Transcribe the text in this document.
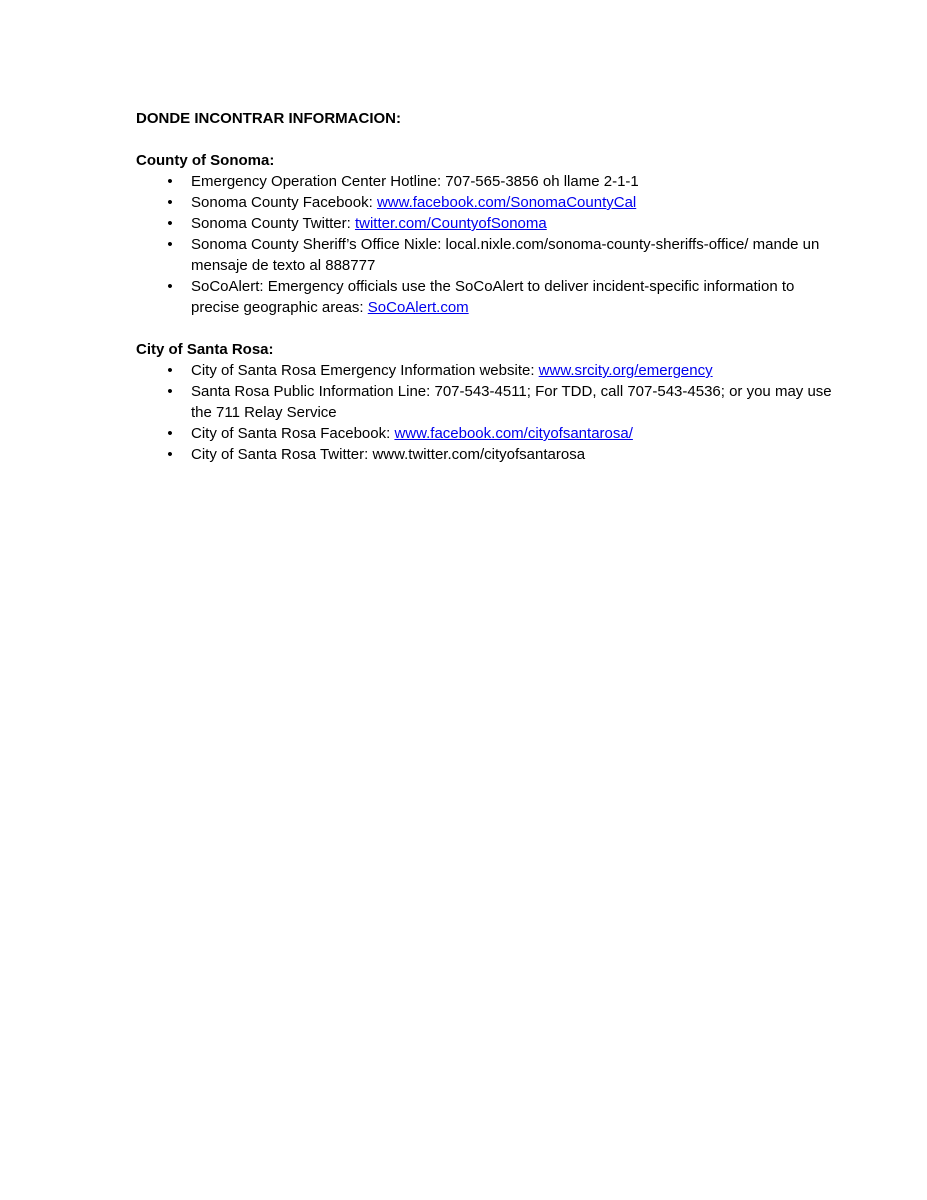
DONDE INCONTRAR INFORMACION:

County of Sonoma:

• Emergency Operation Center Hotline: 707-565-3856 oh llame 2-1-1
• Sonoma County Facebook: www.facebook.com/SonomaCountyCal
• Sonoma County Twitter: twitter.com/CountyofSonoma
• Sonoma County Sheriff’s Office Nixle: local.nixle.com/sonoma-county-sheriffs-office/ mande un mensaje de texto al 888777
• SoCoAlert: Emergency officials use the SoCoAlert to deliver incident-specific information to precise geographic areas: SoCoAlert.com

City of Santa Rosa:

• City of Santa Rosa Emergency Information website: www.srcity.org/emergency
• Santa Rosa Public Information Line: 707-543-4511; For TDD, call 707-543-4536; or you may use the 711 Relay Service
• City of Santa Rosa Facebook: www.facebook.com/cityofsantarosa/
• City of Santa Rosa Twitter: www.twitter.com/cityofsantarosa
